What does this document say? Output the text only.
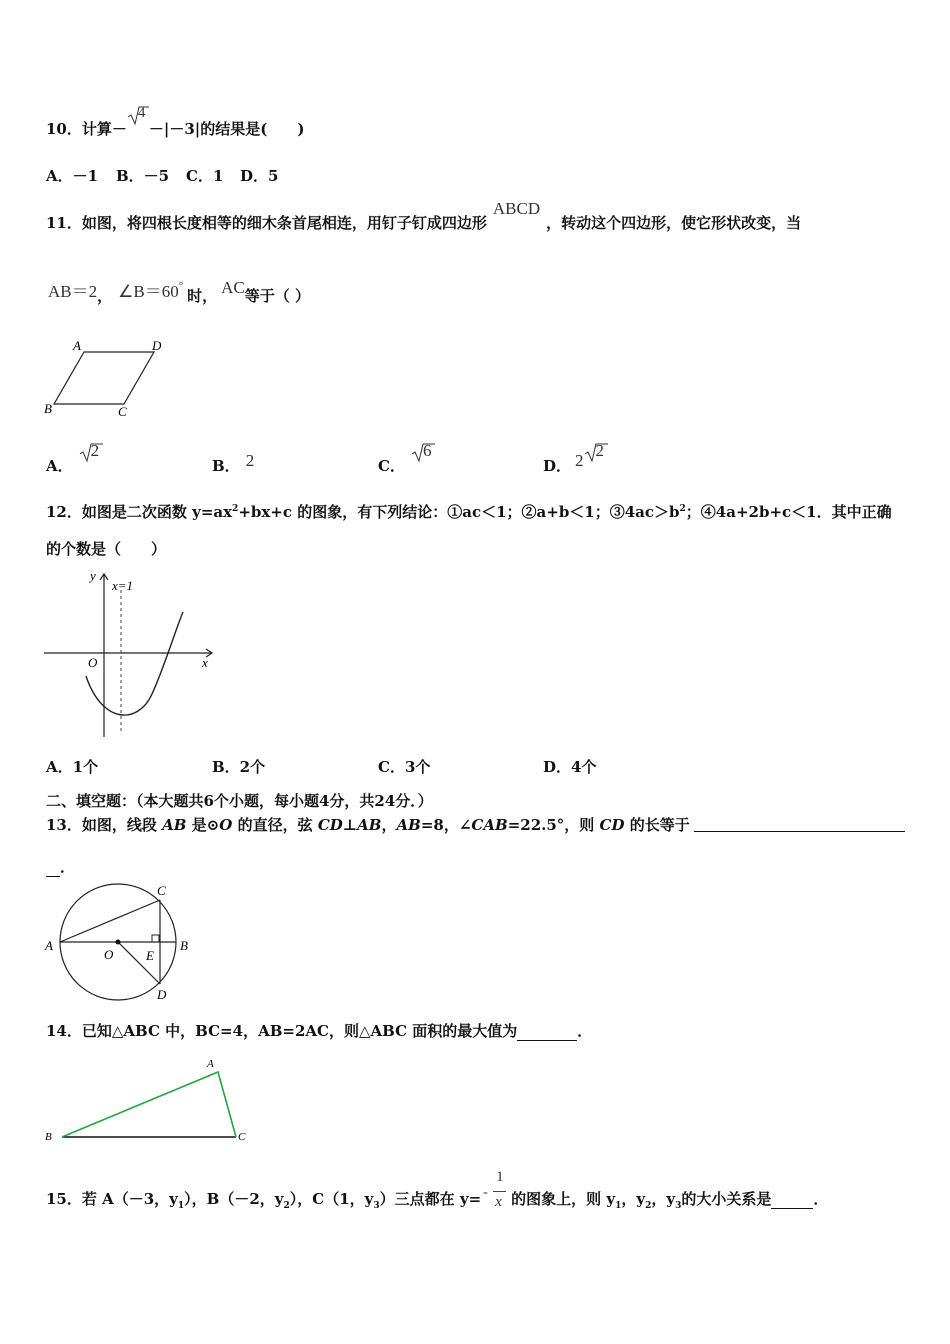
10．计算－
4
－|－3|的结果是(　　)
A．－1 B．－5 C．1 D．5
11．如图，将四根长度相等的细木条首尾相连，用钉子钉成四边形ABCD，转动这个四边形，使它形状改变，当
AB＝2， ∠B＝60°时， AC等于（ ）
A	D
B	C
A．
2
B． 2	C．
6
D． 2
2
12．如图是二次函数 $y=ax^2+bx+c$ 的图象，有下列结论：①ac＜1；②a+b＜1；$③4ac>b^2$；④4a+2b+c＜1．其中正确
的个数是（　　）
y
x=1
O	x
A．1个	B．2个	C．3个	D．4个
二、填空题：（本大题共6个小题，每小题4分，共24分．）
13．如图，线段 AB 是⊙O 的直径，弦 CD⊥AB，AB=8，∠CAB=22.5°，则 CD 的长等于
．
C
A
O	E
B
D
14．已知△ABC 中，BC=4，AB=2AC，则△ABC 面积的最大值为	．
A
B	C
15．若 A（－3，$y_1$），B（－2，$y_2$），C（1，$y_3$）三点都在 y= -
1
x 的图象上，则 $y_1$，$y_2$，$y_3$的大小关系是	．
